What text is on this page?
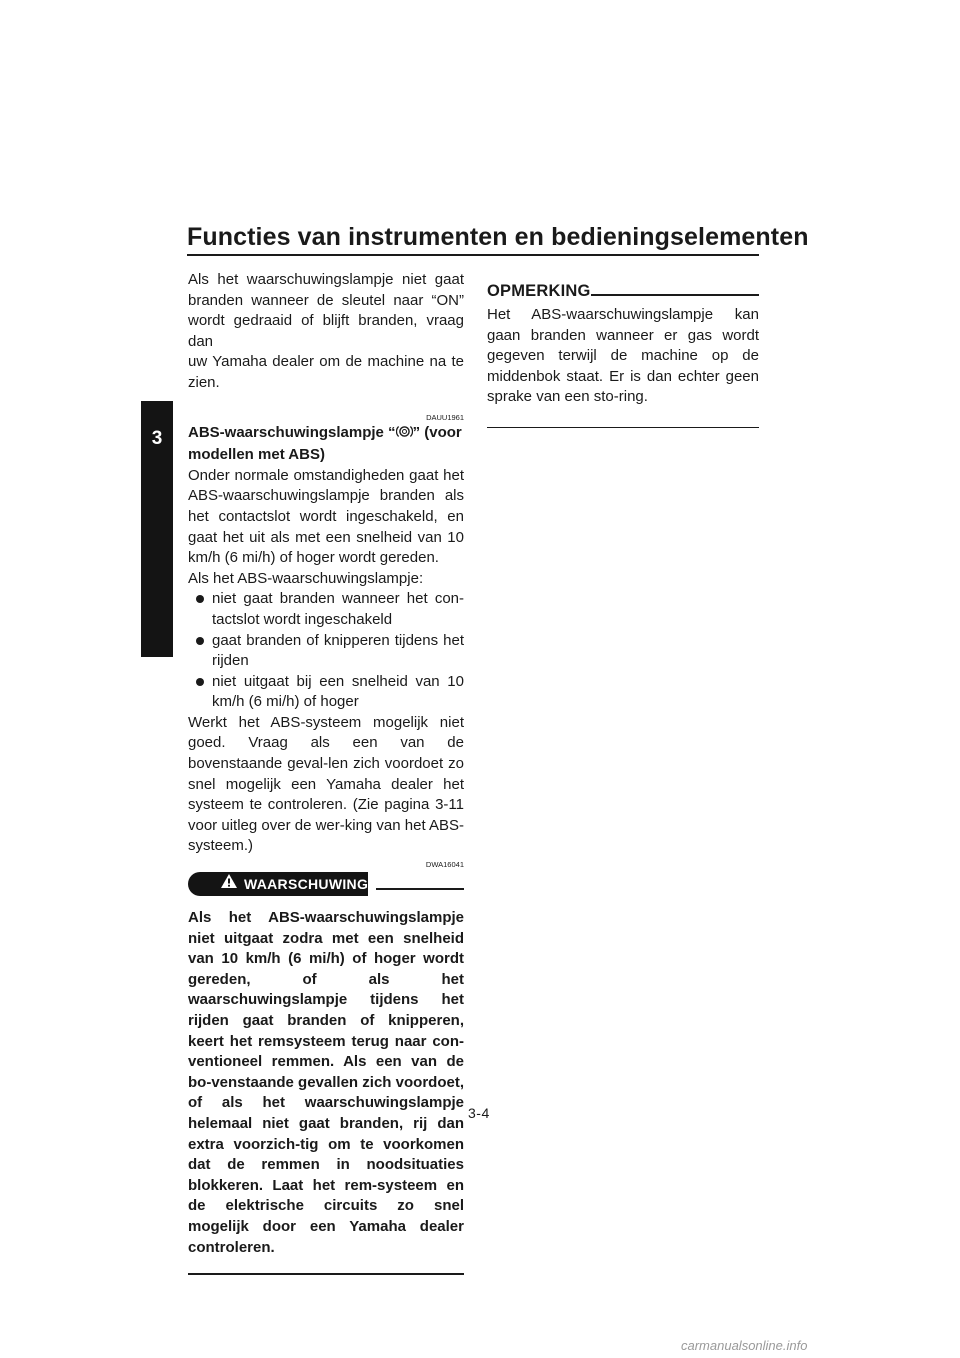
Functies van instrumenten en bedieningselementen
3
Als het waarschuwingslampje niet gaat
branden wanneer de sleutel naar “ON”
wordt gedraaid of blijft branden, vraag dan
uw Yamaha dealer om de machine na te
zien.
DAUU1961

ABS-waarschuwingslampje “ ” (voor modellen met ABS)

Onder normale omstandigheden gaat het ABS-waarschuwingslampje branden als het contactslot wordt ingeschakeld, en gaat het uit als met een snelheid van 10 km/h (6 mi/h) of hoger wordt gereden.

Als het ABS-waarschuwingslampje:

niet gaat branden wanneer het con-tactslot wordt ingeschakeld
gaat branden of knipperen tijdens het rijden
niet uitgaat bij een snelheid van 10 km/h (6 mi/h) of hoger

Werkt het ABS-systeem mogelijk niet goed. Vraag als een van de bovenstaande geval-len zich voordoet zo snel mogelijk een Yamaha dealer het systeem te controleren. (Zie pagina 3-11 voor uitleg over de wer-king van het ABS-systeem.)

DWA16041
WAARSCHUWING

Als het ABS-waarschuwingslampje niet uitgaat zodra met een snelheid van 10 km/h (6 mi/h) of hoger wordt gereden, of als het waarschuwingslampje tijdens het rijden gaat branden of knipperen, keert het remsysteem terug naar con-ventioneel remmen. Als een van de bo-venstaande gevallen zich voordoet, of als het waarschuwingslampje helemaal niet gaat branden, rij dan extra voorzich-tig om te voorkomen dat de remmen in noodsituaties blokkeren. Laat het rem-systeem en de elektrische circuits zo snel mogelijk door een Yamaha dealer controleren.

OPMERKING

Het ABS-waarschuwingslampje kan gaan branden wanneer er gas wordt gegeven terwijl de machine op de middenbok staat. Er is dan echter geen sprake van een sto-ring.

3-4
carmanualsonline.info
